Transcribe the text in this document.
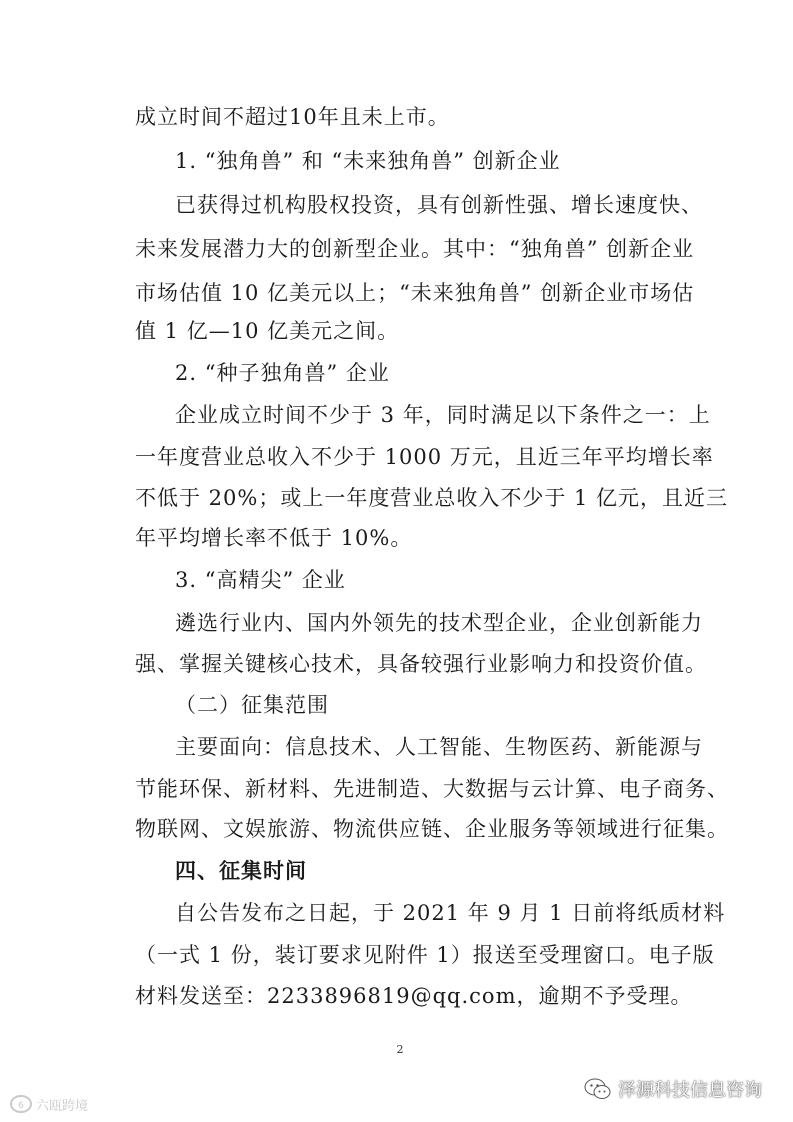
成立时间不超过10年且未上市。
1. “独角兽” 和 “未来独角兽” 创新企业
已获得过机构股权投资，具有创新性强、增长速度快、
未来发展潜力大的创新型企业。其中：“独角兽” 创新企业
市场估值 10 亿美元以上；“未来独角兽” 创新企业市场估
值 1 亿—10 亿美元之间。
2. “种子独角兽” 企业
企业成立时间不少于 3 年，同时满足以下条件之一：上
一年度营业总收入不少于 1000 万元，且近三年平均增长率
不低于 20%；或上一年度营业总收入不少于 1 亿元，且近三
年平均增长率不低于 10%。
3. “高精尖” 企业
遴选行业内、国内外领先的技术型企业，企业创新能力
强、掌握关键核心技术，具备较强行业影响力和投资价值。
（二）征集范围
主要面向：信息技术、人工智能、生物医药、新能源与
节能环保、新材料、先进制造、大数据与云计算、电子商务、
物联网、文娱旅游、物流供应链、企业服务等领域进行征集。
四、征集时间
自公告发布之日起，于 2021 年 9 月 1 日前将纸质材料
（一式 1 份，装订要求见附件 1）报送至受理窗口。电子版
材料发送至：2233896819@qq.com，逾期不予受理。
2
6 六瓯跨境
泽源科技信息咨询
